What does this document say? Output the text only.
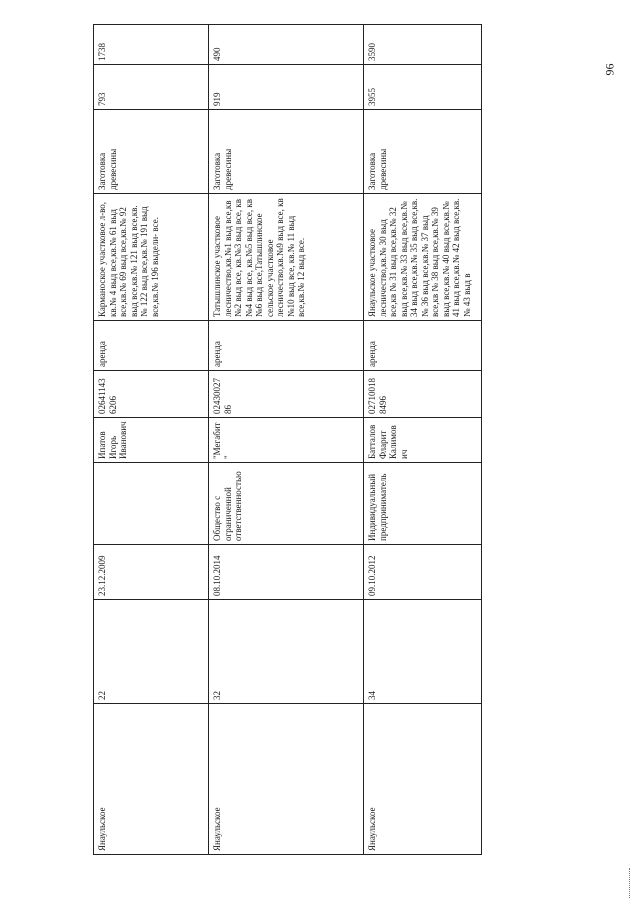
Янаульское	22	23.12.2009		Ипатов Игорь Иванович	026411436206	аренда	Карманоское участковое л-во, кв.№ 4 выд все,кв.№ 61 выд все,кв.№ 69 выд все,кв.№ 92 выд все,кв.№ 121 выд все,кв.№ 122 выд все,кв.№ 191 выд все,кв.№ 196 выдели- все.	Заготовка древесины	793	1738
Янаульское	32	08.10.2014	Общество с ограниченной ответственностью	"Мегабит"	0243002786	аренда	Татышлинское участковое лесничество,кв.№1 выд все,кв №2 выд все, кв.№3 выд все, кв №4 выд все, кв.№5 выд все, кв №6 выд все,Татышлинское сельское участковое лесничество,кв.№9 выд все, кв №10 выд все, кв.№ 11 выд все,кв.№ 12 выд все.	Заготовка древесины	919	490
Янаульское	34	09.10.2012	Индивидуальный предприниматель	Батталов Фларит Калимович	027100188496	аренда	Янаульское участковое лесничество,кв.№ 30 выд все,кв № 31 выд все,кв.№ 32 выд все,кв.№ 33 выд все,кв.№ 34 выд все,кв.№ 35 выд все,кв.№ 36 выд все,кв.№ 37 выд все,кв № 38 выд все,кв.№ 39 выд все,кв.№ 40 выд все,кв.№ 41 выд все,кв.№ 42 выд все,кв.№ 43 выд в	Заготовка древесины	3955	3590
96
